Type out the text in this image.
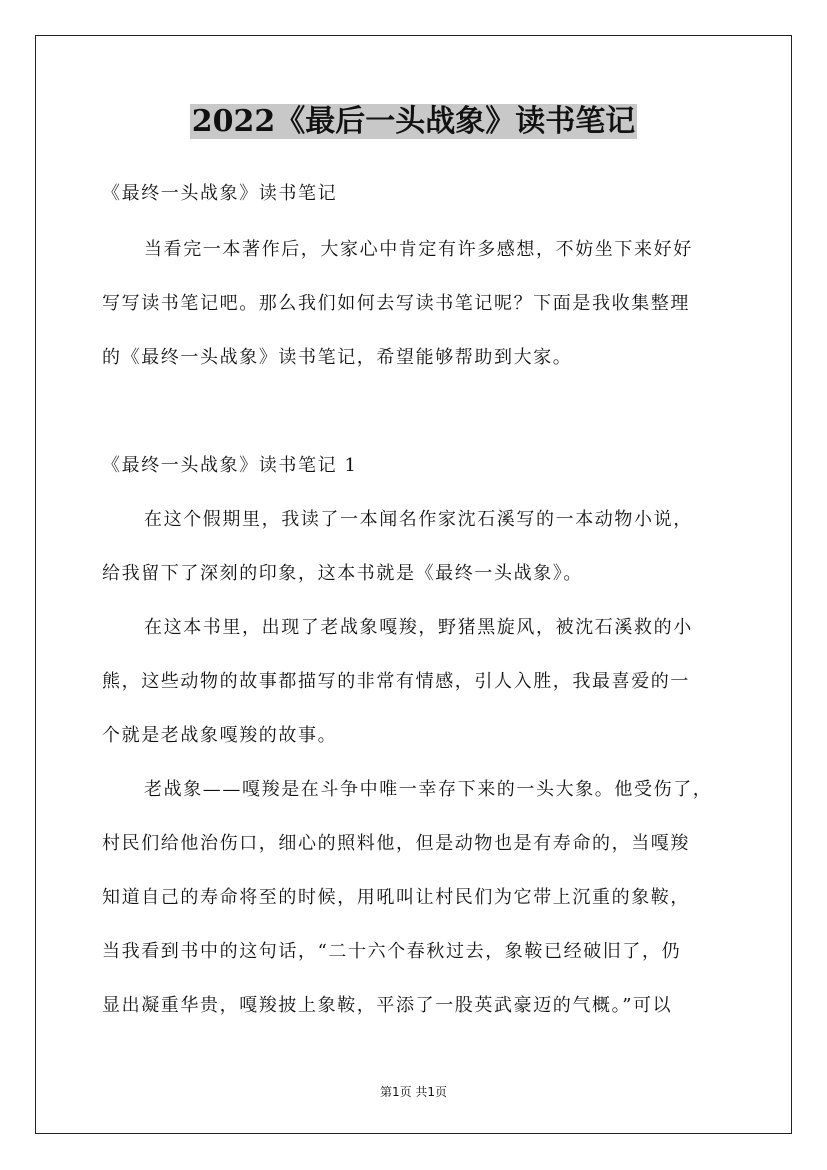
2022《最后一头战象》读书笔记

《最终一头战象》读书笔记

当看完一本著作后，大家心中肯定有许多感想，不妨坐下来好好

写写读书笔记吧。那么我们如何去写读书笔记呢？下面是我收集整理

的《最终一头战象》读书笔记，希望能够帮助到大家。

《最终一头战象》读书笔记 1

在这个假期里，我读了一本闻名作家沈石溪写的一本动物小说，

给我留下了深刻的印象，这本书就是《最终一头战象》。

在这本书里，出现了老战象嘎羧，野猪黑旋风，被沈石溪救的小

熊，这些动物的故事都描写的非常有情感，引人入胜，我最喜爱的一

个就是老战象嘎羧的故事。

老战象——嘎羧是在斗争中唯一幸存下来的一头大象。他受伤了，

村民们给他治伤口，细心的照料他，但是动物也是有寿命的，当嘎羧

知道自己的寿命将至的时候，用吼叫让村民们为它带上沉重的象鞍，

当我看到书中的这句话，“二十六个春秋过去，象鞍已经破旧了，仍

显出凝重华贵，嘎羧披上象鞍，平添了一股英武豪迈的气概。”可以

第1页 共1页
